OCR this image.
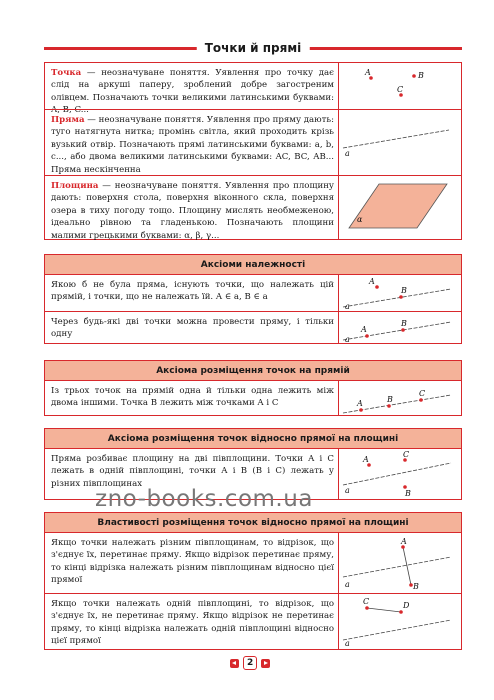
Точки й прямі
Точка — неозначуване поняття. Уявлення про точку дає слід на аркуші паперу, зроблений добре загостреним олівцем. Позначають точки великими латинськими буквами: A, B, C...
A	B
C
Пряма — неозначуване поняття. Уявлення про пряму дають: туго натягнута нитка; промінь світла, який проходить крізь вузький отвір. Позначають прямі латинськими буквами: a, b, c..., або двома великими латинськими буквами: AC, BC, AB... Пряма нескінченна
a
Площина — неозначуване поняття. Уявлення про площину дають: поверхня стола, поверхня віконного скла, поверхня озера в тиху погоду тощо. Площину мислять необмеженою, ідеально рівною та гладенькою. Позначають площини малими грецькими буквами: α, β, γ...
α
Аксіоми належності
Якою б не була пряма, існують точки, що належать цій прямій, і точки, що не належать їй. A ∈ a, B ∈ a
A
B
a
Через будь-які дві точки можна провести пряму, і тільки одну	A
B
a
Аксіома розміщення точок на прямій
Із трьох точок на прямій одна й тільки одна лежить між двома іншими. Точка B лежить між точками A і C	A	B
C
Аксіома розміщення точок відносно прямої на площині
Пряма розбиває площину на дві півплощини. Точки A і C лежать в одній півплощині, точки A і B (B і C) лежать у різних півплощинах
A
C
B
a
Властивості розміщення точок відносно прямої на площині
Якщо точки належать різним півплощинам, то відрізок, що з'єднує їх, перетинає пряму. Якщо відрізок перетинає пряму, то кінці відрізка належать різним півплощинам відносно цієї прямої
A
B
a
Якщо точки належать одній півплощині, то відрізок, що з'єднує їх, не перетинає пряму. Якщо відрізок не перетинає пряму, то кінці відрізка належать одній півплощині відносно цієї прямої
C	D
a
zno-books.com.ua
2
